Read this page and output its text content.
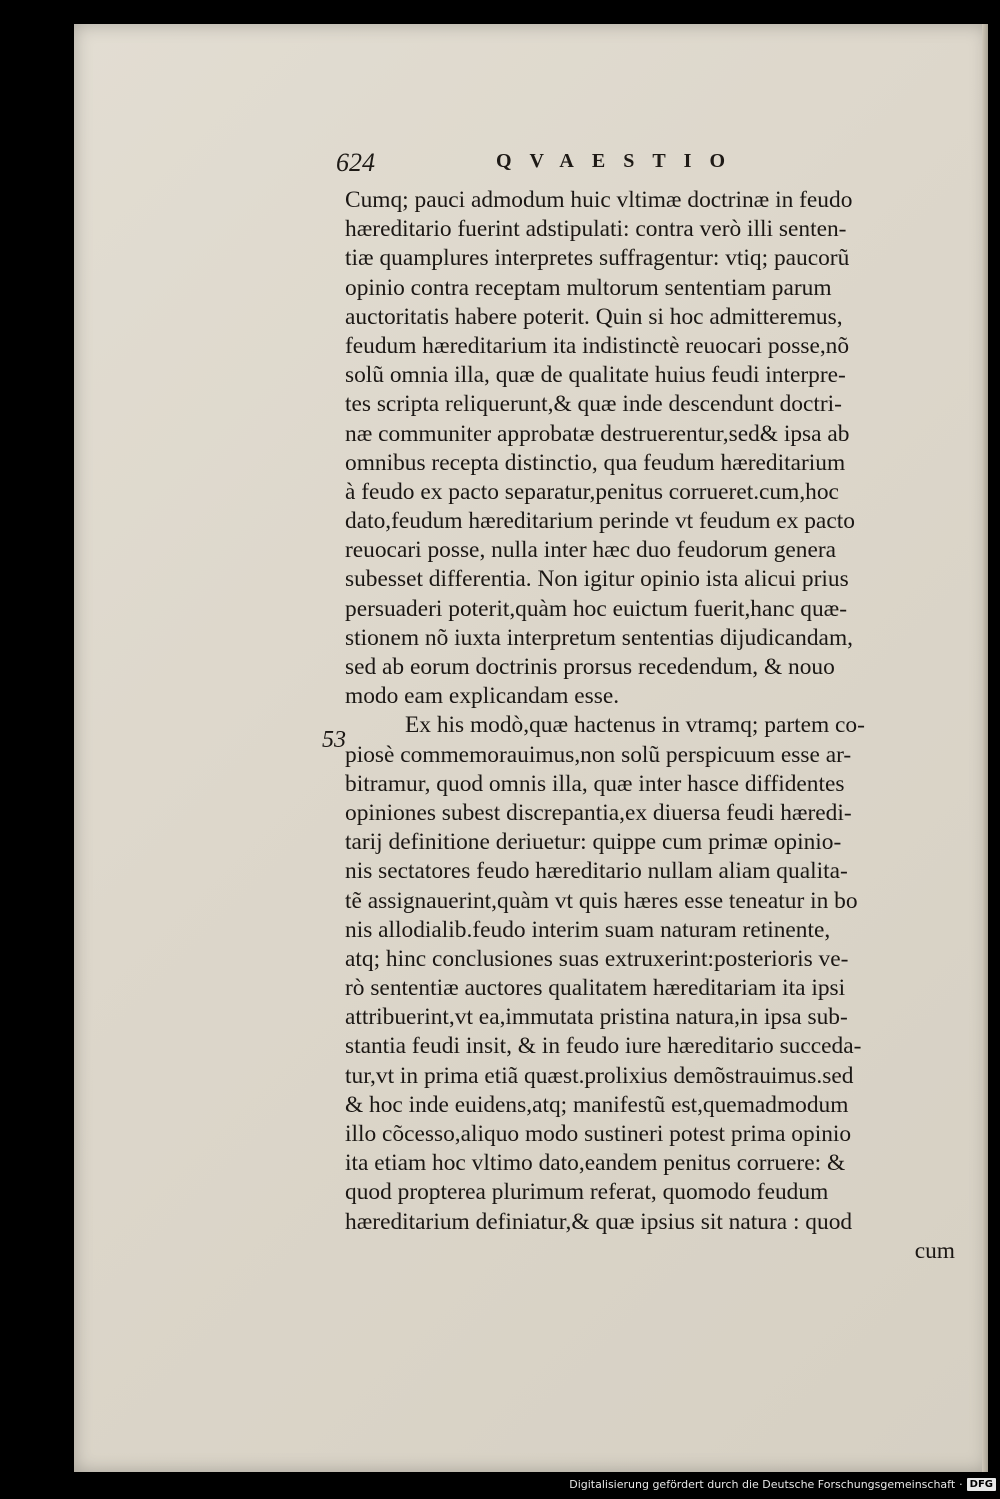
624	QVAESTIO
53
Cumq; pauci admodum huic vltimæ doctrinæ in feudo
hæreditario fuerint adstipulati: contra verò illi senten-
tiæ quamplures interpretes suffragentur: vtiq; paucorũ
opinio contra receptam multorum sententiam parum
auctoritatis habere poterit. Quin si hoc admitteremus,
feudum hæreditarium ita indistinctè reuocari posse,nõ
solũ omnia illa, quæ de qualitate huius feudi interpre-
tes scripta reliquerunt,& quæ inde descendunt doctri-
næ communiter approbatæ destruerentur,sed& ipsa ab
omnibus recepta distinctio, qua feudum hæreditarium
à feudo ex pacto separatur,penitus corrueret.cum,hoc
dato,feudum hæreditarium perinde vt feudum ex pacto
reuocari posse, nulla inter hæc duo feudorum genera
subesset differentia. Non igitur opinio ista alicui prius
persuaderi poterit,quàm hoc euictum fuerit,hanc quæ-
stionem nõ iuxta interpretum sententias dijudicandam,
sed ab eorum doctrinis prorsus recedendum, & nouo
modo eam explicandam esse.
Ex his modò,quæ hactenus in vtramq; partem co-
piosè commemorauimus,non solũ perspicuum esse ar-
bitramur, quod omnis illa, quæ inter hasce diffidentes
opiniones subest discrepantia,ex diuersa feudi hæredi-
tarij definitione deriuetur: quippe cum primæ opinio-
nis sectatores feudo hæreditario nullam aliam qualita-
tẽ assignauerint,quàm vt quis hæres esse teneatur in bo
nis allodialib.feudo interim suam naturam retinente,
atq; hinc conclusiones suas extruxerint:posterioris ve-
rò sententiæ auctores qualitatem hæreditariam ita ipsi
attribuerint,vt ea,immutata pristina natura,in ipsa sub-
stantia feudi insit, & in feudo iure hæreditario succeda-
tur,vt in prima etiã quæst.prolixius demõstrauimus.sed
& hoc inde euidens,atq; manifestũ est,quemadmodum
illo cõcesso,aliquo modo sustineri potest prima opinio
ita etiam hoc vltimo dato,eandem penitus corruere: &
quod propterea plurimum referat, quomodo feudum
hæreditarium definiatur,& quæ ipsius sit natura : quod
cum
Digitalisierung gefördert durch die Deutsche Forschungsgemeinschaft · DFG
